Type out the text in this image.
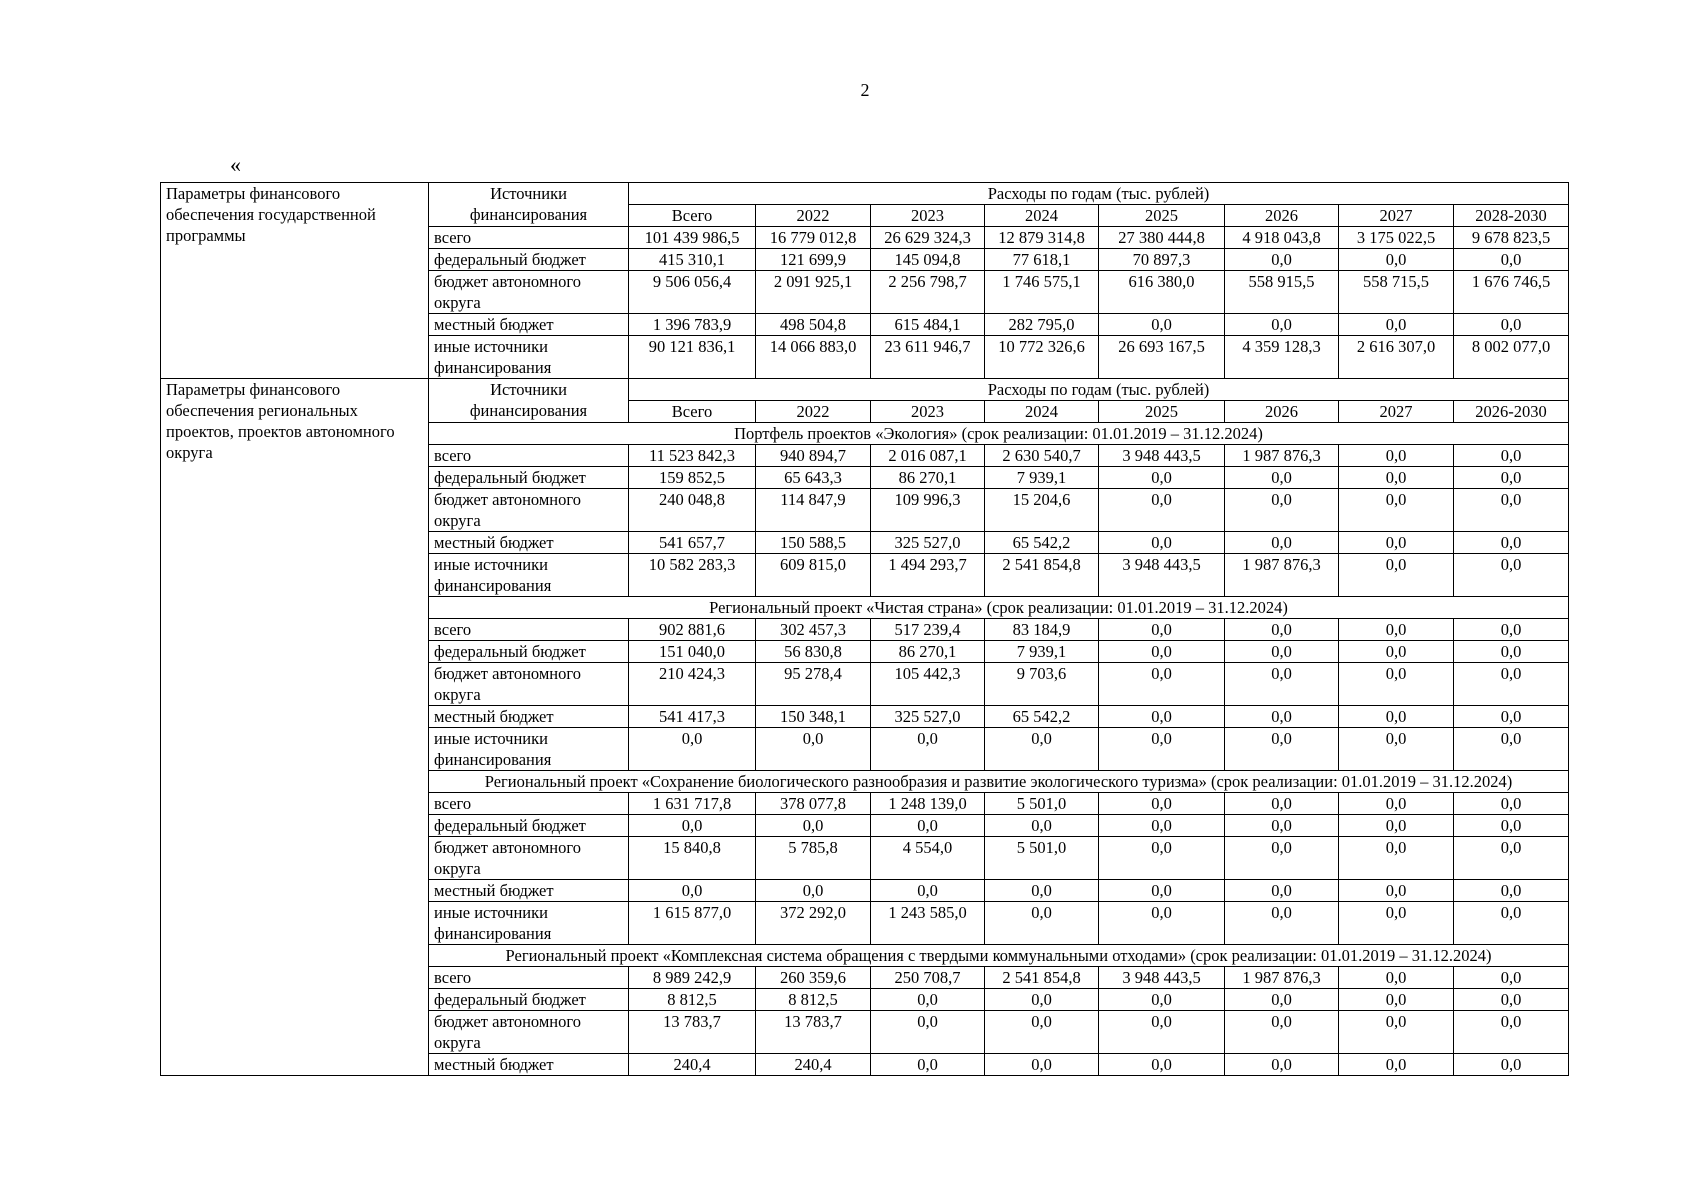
2
«
Параметры финансового обеспечения государственной программы	Источники финансирования	Расходы по годам (тыс. рублей)							
		Всего	2022	2023	2024	2025	2026	2027	2028-2030
	всего	101 439 986,5	16 779 012,8	26 629 324,3	12 879 314,8	27 380 444,8	4 918 043,8	3 175 022,5	9 678 823,5
	федеральный бюджет	415 310,1	121 699,9	145 094,8	77 618,1	70 897,3	0,0	0,0	0,0
	бюджет автономного округа	9 506 056,4	2 091 925,1	2 256 798,7	1 746 575,1	616 380,0	558 915,5	558 715,5	1 676 746,5
	местный бюджет	1 396 783,9	498 504,8	615 484,1	282 795,0	0,0	0,0	0,0	0,0
	иные источники финансирования	90 121 836,1	14 066 883,0	23 611 946,7	10 772 326,6	26 693 167,5	4 359 128,3	2 616 307,0	8 002 077,0
Параметры финансового обеспечения региональных проектов, проектов автономного округа	Источники финансирования	Расходы по годам (тыс. рублей)							
		Всего	2022	2023	2024	2025	2026	2027	2026-2030
	Портфель проектов «Экология» (срок реализации: 01.01.2019 – 31.12.2024)								
	всего	11 523 842,3	940 894,7	2 016 087,1	2 630 540,7	3 948 443,5	1 987 876,3	0,0	0,0
	федеральный бюджет	159 852,5	65 643,3	86 270,1	7 939,1	0,0	0,0	0,0	0,0
	бюджет автономного округа	240 048,8	114 847,9	109 996,3	15 204,6	0,0	0,0	0,0	0,0
	местный бюджет	541 657,7	150 588,5	325 527,0	65 542,2	0,0	0,0	0,0	0,0
	иные источники финансирования	10 582 283,3	609 815,0	1 494 293,7	2 541 854,8	3 948 443,5	1 987 876,3	0,0	0,0
	Региональный проект «Чистая страна» (срок реализации: 01.01.2019 – 31.12.2024)								
	всего	902 881,6	302 457,3	517 239,4	83 184,9	0,0	0,0	0,0	0,0
	федеральный бюджет	151 040,0	56 830,8	86 270,1	7 939,1	0,0	0,0	0,0	0,0
	бюджет автономного округа	210 424,3	95 278,4	105 442,3	9 703,6	0,0	0,0	0,0	0,0
	местный бюджет	541 417,3	150 348,1	325 527,0	65 542,2	0,0	0,0	0,0	0,0
	иные источники финансирования	0,0	0,0	0,0	0,0	0,0	0,0	0,0	0,0
	Региональный проект «Сохранение биологического разнообразия и развитие экологического туризма» (срок реализации: 01.01.2019 – 31.12.2024)								
	всего	1 631 717,8	378 077,8	1 248 139,0	5 501,0	0,0	0,0	0,0	0,0
	федеральный бюджет	0,0	0,0	0,0	0,0	0,0	0,0	0,0	0,0
	бюджет автономного округа	15 840,8	5 785,8	4 554,0	5 501,0	0,0	0,0	0,0	0,0
	местный бюджет	0,0	0,0	0,0	0,0	0,0	0,0	0,0	0,0
	иные источники финансирования	1 615 877,0	372 292,0	1 243 585,0	0,0	0,0	0,0	0,0	0,0
	Региональный проект «Комплексная система обращения с твердыми коммунальными отходами» (срок реализации: 01.01.2019 – 31.12.2024)								
	всего	8 989 242,9	260 359,6	250 708,7	2 541 854,8	3 948 443,5	1 987 876,3	0,0	0,0
	федеральный бюджет	8 812,5	8 812,5	0,0	0,0	0,0	0,0	0,0	0,0
	бюджет автономного округа	13 783,7	13 783,7	0,0	0,0	0,0	0,0	0,0	0,0
	местный бюджет	240,4	240,4	0,0	0,0	0,0	0,0	0,0	0,0
